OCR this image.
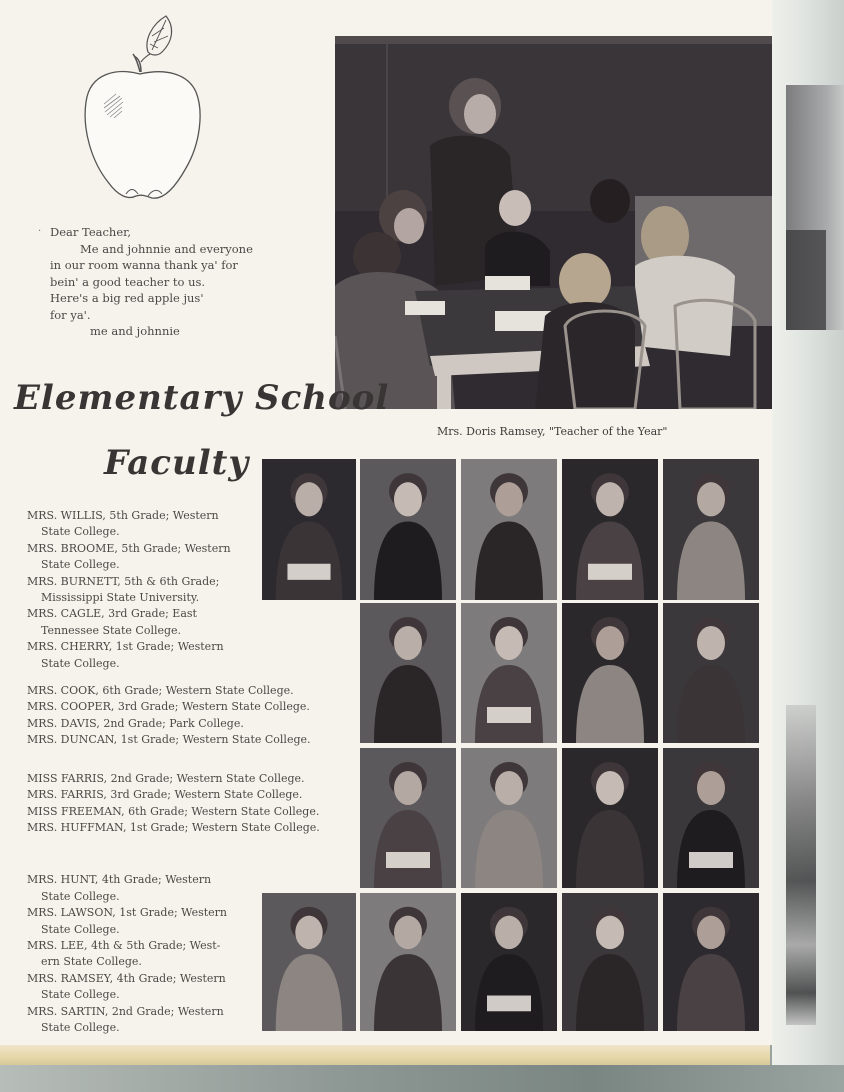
· Dear Teacher,
Me and johnnie and everyone
in our room wanna thank ya' for
bein' a good teacher to us.
Here's a big red apple jus'
for ya'.
me and johnnie
Mrs. Doris Ramsey, "Teacher of the Year"
Elementary School
Faculty
MRS. WILLIS, 5th Grade; Western
State College.
MRS. BROOME, 5th Grade; Western
State College.
MRS. BURNETT, 5th & 6th Grade;
Mississippi State University.
MRS. CAGLE, 3rd Grade; East
Tennessee State College.
MRS. CHERRY, 1st Grade; Western
State College.
MRS. COOK, 6th Grade; Western State College.
MRS. COOPER, 3rd Grade; Western State College.
MRS. DAVIS, 2nd Grade; Park College.
MRS. DUNCAN, 1st Grade; Western State College.
MISS FARRIS, 2nd Grade; Western State College.
MRS. FARRIS, 3rd Grade; Western State College.
MISS FREEMAN, 6th Grade; Western State College.
MRS. HUFFMAN, 1st Grade; Western State College.
MRS. HUNT, 4th Grade; Western
State College.
MRS. LAWSON, 1st Grade; Western
State College.
MRS. LEE, 4th & 5th Grade; West-
ern State College.
MRS. RAMSEY, 4th Grade; Western
State College.
MRS. SARTIN, 2nd Grade; Western
State College.
